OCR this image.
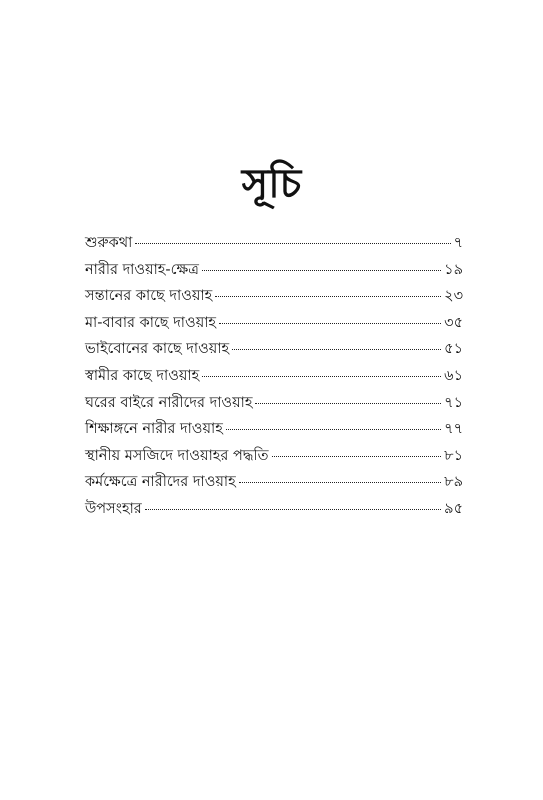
সূচি
শুরুকথা	৭
নারীর দাওয়াহ-ক্ষেত্র	১৯
সন্তানের কাছে দাওয়াহ	২৩
মা-বাবার কাছে দাওয়াহ	৩৫
ভাইবোনের কাছে দাওয়াহ	৫১
স্বামীর কাছে দাওয়াহ	৬১
ঘরের বাইরে নারীদের দাওয়াহ	৭১
শিক্ষাঙ্গনে নারীর দাওয়াহ	৭৭
স্থানীয় মসজিদে দাওয়াহর পদ্ধতি	৮১
কর্মক্ষেত্রে নারীদের দাওয়াহ	৮৯
উপসংহার	৯৫
